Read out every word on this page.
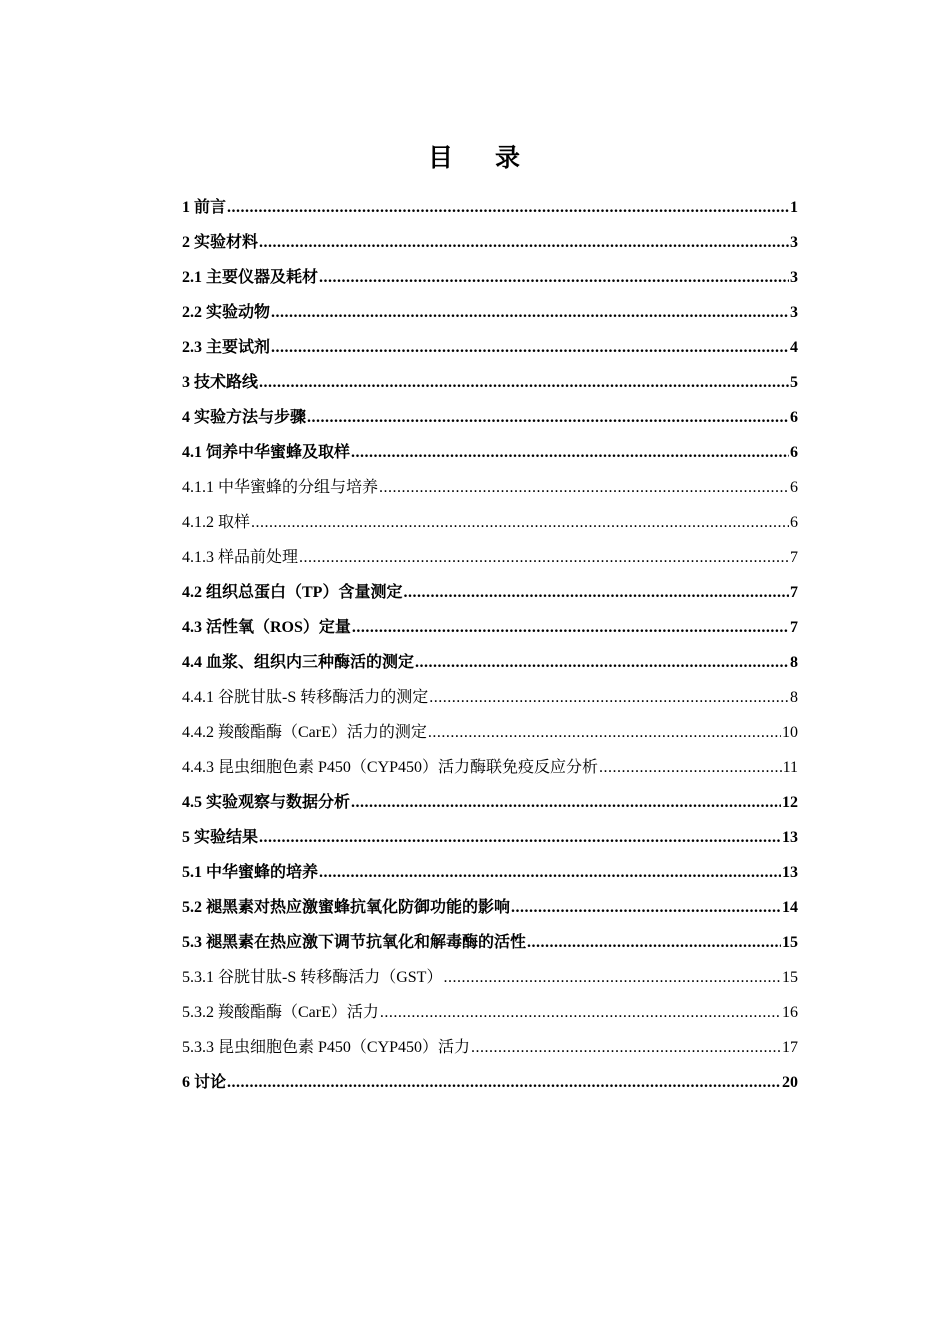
目 录
1 前言 .....	1
2 实验材料 .....	3
2.1 主要仪器及耗材 .....	3
2.2 实验动物 .....	3
2.3 主要试剂 .....	4
3 技术路线 .....	5
4 实验方法与步骤 .....	6
4.1 饲养中华蜜蜂及取样 .....	6
4.1.1 中华蜜蜂的分组与培养 .....	6
4.1.2 取样 .....	6
4.1.3 样品前处理 .....	7
4.2 组织总蛋白（TP）含量测定 .....	7
4.3 活性氧（ROS）定量 .....	7
4.4 血浆、组织内三种酶活的测定 .....	8
4.4.1 谷胱甘肽-S 转移酶活力的测定 .....	8
4.4.2 羧酸酯酶（CarE）活力的测定 .....	10
4.4.3 昆虫细胞色素 P450（CYP450）活力酶联免疫反应分析 .....	11
4.5 实验观察与数据分析 .....	12
5 实验结果 .....	13
5.1 中华蜜蜂的培养 .....	13
5.2 褪黑素对热应激蜜蜂抗氧化防御功能的影响 .....	14
5.3 褪黑素在热应激下调节抗氧化和解毒酶的活性 .....	15
5.3.1 谷胱甘肽-S 转移酶活力（GST） .....	15
5.3.2 羧酸酯酶（CarE）活力 .....	16
5.3.3 昆虫细胞色素 P450（CYP450）活力 .....	17
6 讨论 .....	20
